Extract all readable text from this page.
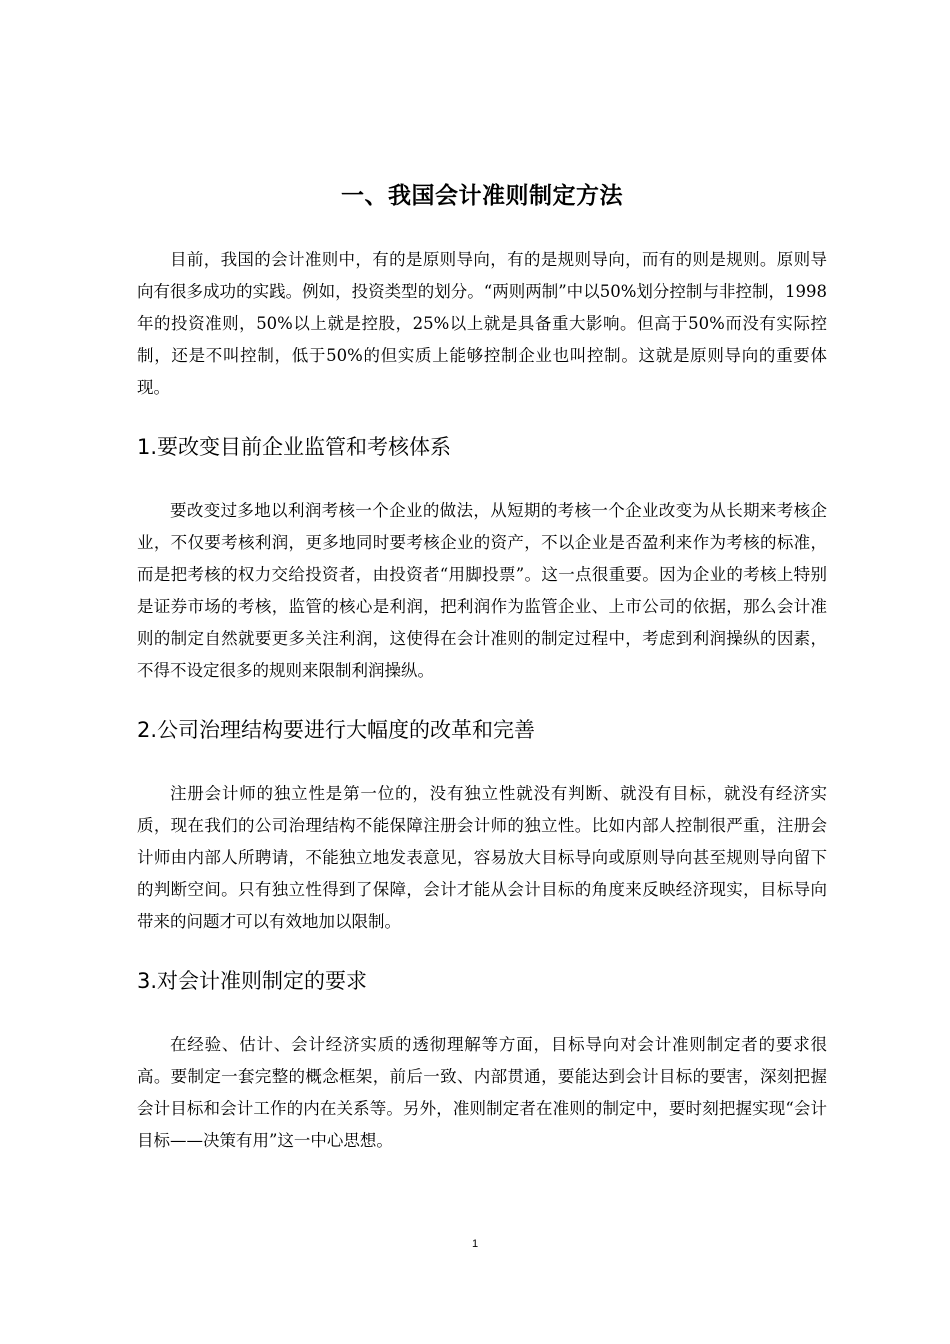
一、我国会计准则制定方法

目前，我国的会计准则中，有的是原则导向，有的是规则导向，而有的则是规则。原则导向有很多成功的实践。例如，投资类型的划分。“两则两制”中以50%划分控制与非控制，1998年的投资准则，50%以上就是控股，25%以上就是具备重大影响。但高于50%而没有实际控制，还是不叫控制，低于50%的但实质上能够控制企业也叫控制。这就是原则导向的重要体现。

1.要改变目前企业监管和考核体系

要改变过多地以利润考核一个企业的做法，从短期的考核一个企业改变为从长期来考核企业，不仅要考核利润，更多地同时要考核企业的资产，不以企业是否盈利来作为考核的标准，而是把考核的权力交给投资者，由投资者“用脚投票”。这一点很重要。因为企业的考核上特别是证券市场的考核，监管的核心是利润，把利润作为监管企业、上市公司的依据，那么会计准则的制定自然就要更多关注利润，这使得在会计准则的制定过程中，考虑到利润操纵的因素，不得不设定很多的规则来限制利润操纵。

2.公司治理结构要进行大幅度的改革和完善

注册会计师的独立性是第一位的，没有独立性就没有判断、就没有目标，就没有经济实质，现在我们的公司治理结构不能保障注册会计师的独立性。比如内部人控制很严重，注册会计师由内部人所聘请，不能独立地发表意见，容易放大目标导向或原则导向甚至规则导向留下的判断空间。只有独立性得到了保障，会计才能从会计目标的角度来反映经济现实，目标导向带来的问题才可以有效地加以限制。

3.对会计准则制定的要求

在经验、估计、会计经济实质的透彻理解等方面，目标导向对会计准则制定者的要求很高。要制定一套完整的概念框架，前后一致、内部贯通，要能达到会计目标的要害，深刻把握会计目标和会计工作的内在关系等。另外，准则制定者在准则的制定中，要时刻把握实现“会计目标——决策有用”这一中心思想。

1
